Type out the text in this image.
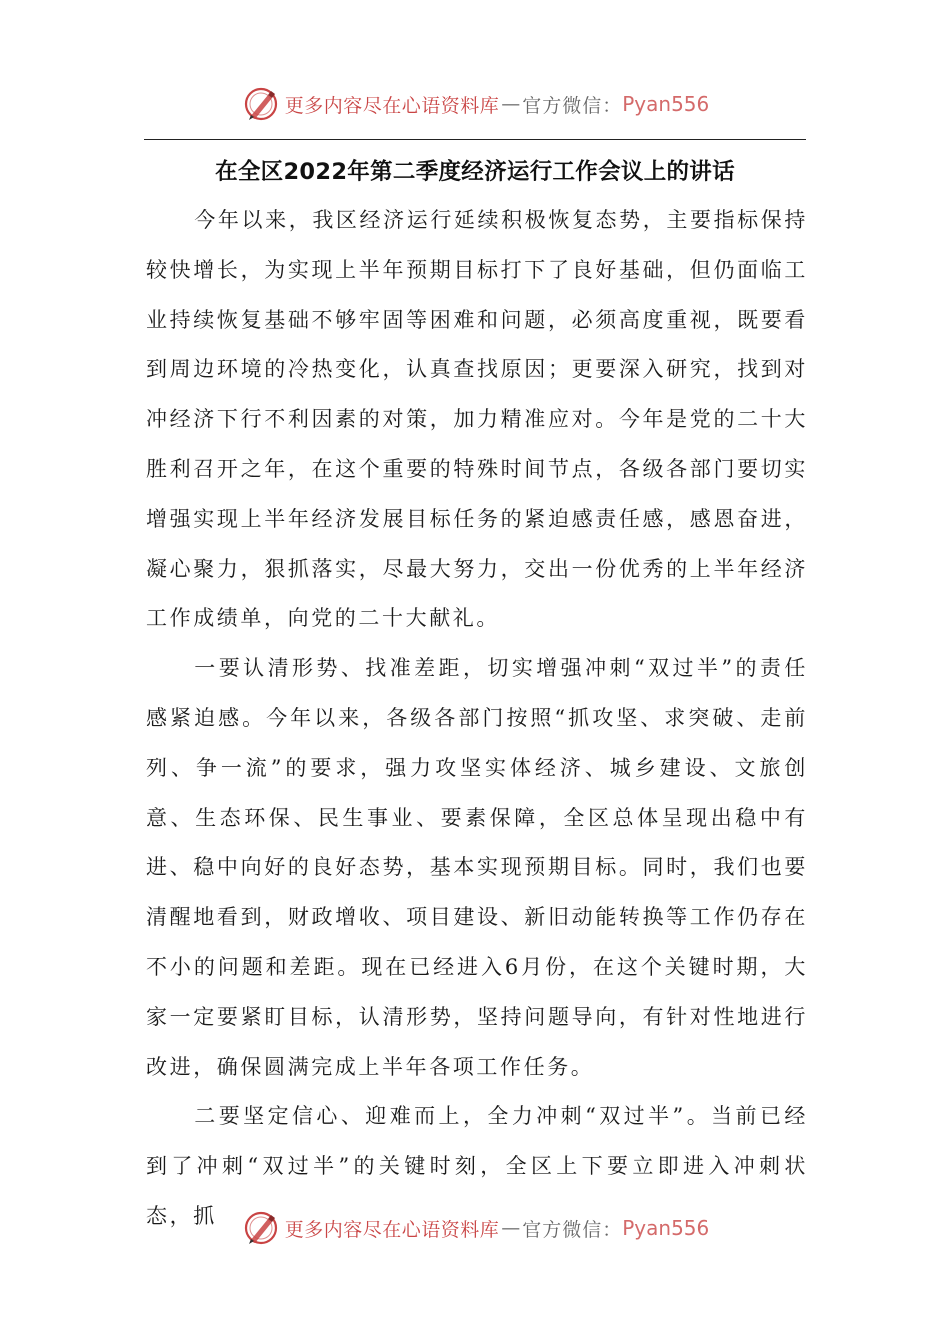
更多内容尽在心语资料库 — 官方微信： Pyan556
在全区2022年第二季度经济运行工作会议上的讲话

今年以来，我区经济运行延续积极恢复态势，主要指标保持较快增长，为实现上半年预期目标打下了良好基础，但仍面临工业持续恢复基础不够牢固等困难和问题，必须高度重视，既要看到周边环境的冷热变化，认真查找原因；更要深入研究，找到对冲经济下行不利因素的对策，加力精准应对。今年是党的二十大胜利召开之年，在这个重要的特殊时间节点，各级各部门要切实增强实现上半年经济发展目标任务的紧迫感责任感，感恩奋进，凝心聚力，狠抓落实，尽最大努力，交出一份优秀的上半年经济工作成绩单，向党的二十大献礼。

一要认清形势、找准差距，切实增强冲刺“双过半”的责任感紧迫感。今年以来，各级各部门按照“抓攻坚、求突破、走前列、争一流”的要求，强力攻坚实体经济、城乡建设、文旅创意、生态环保、民生事业、要素保障，全区总体呈现出稳中有进、稳中向好的良好态势，基本实现预期目标。同时，我们也要清醒地看到，财政增收、项目建设、新旧动能转换等工作仍存在不小的问题和差距。现在已经进入6月份，在这个关键时期，大家一定要紧盯目标，认清形势，坚持问题导向，有针对性地进行改进，确保圆满完成上半年各项工作任务。

二要坚定信心、迎难而上，全力冲刺“双过半”。当前已经到了冲刺“双过半”的关键时刻，全区上下要立即进入冲刺状态，抓

更多内容尽在心语资料库 — 官方微信： Pyan556
